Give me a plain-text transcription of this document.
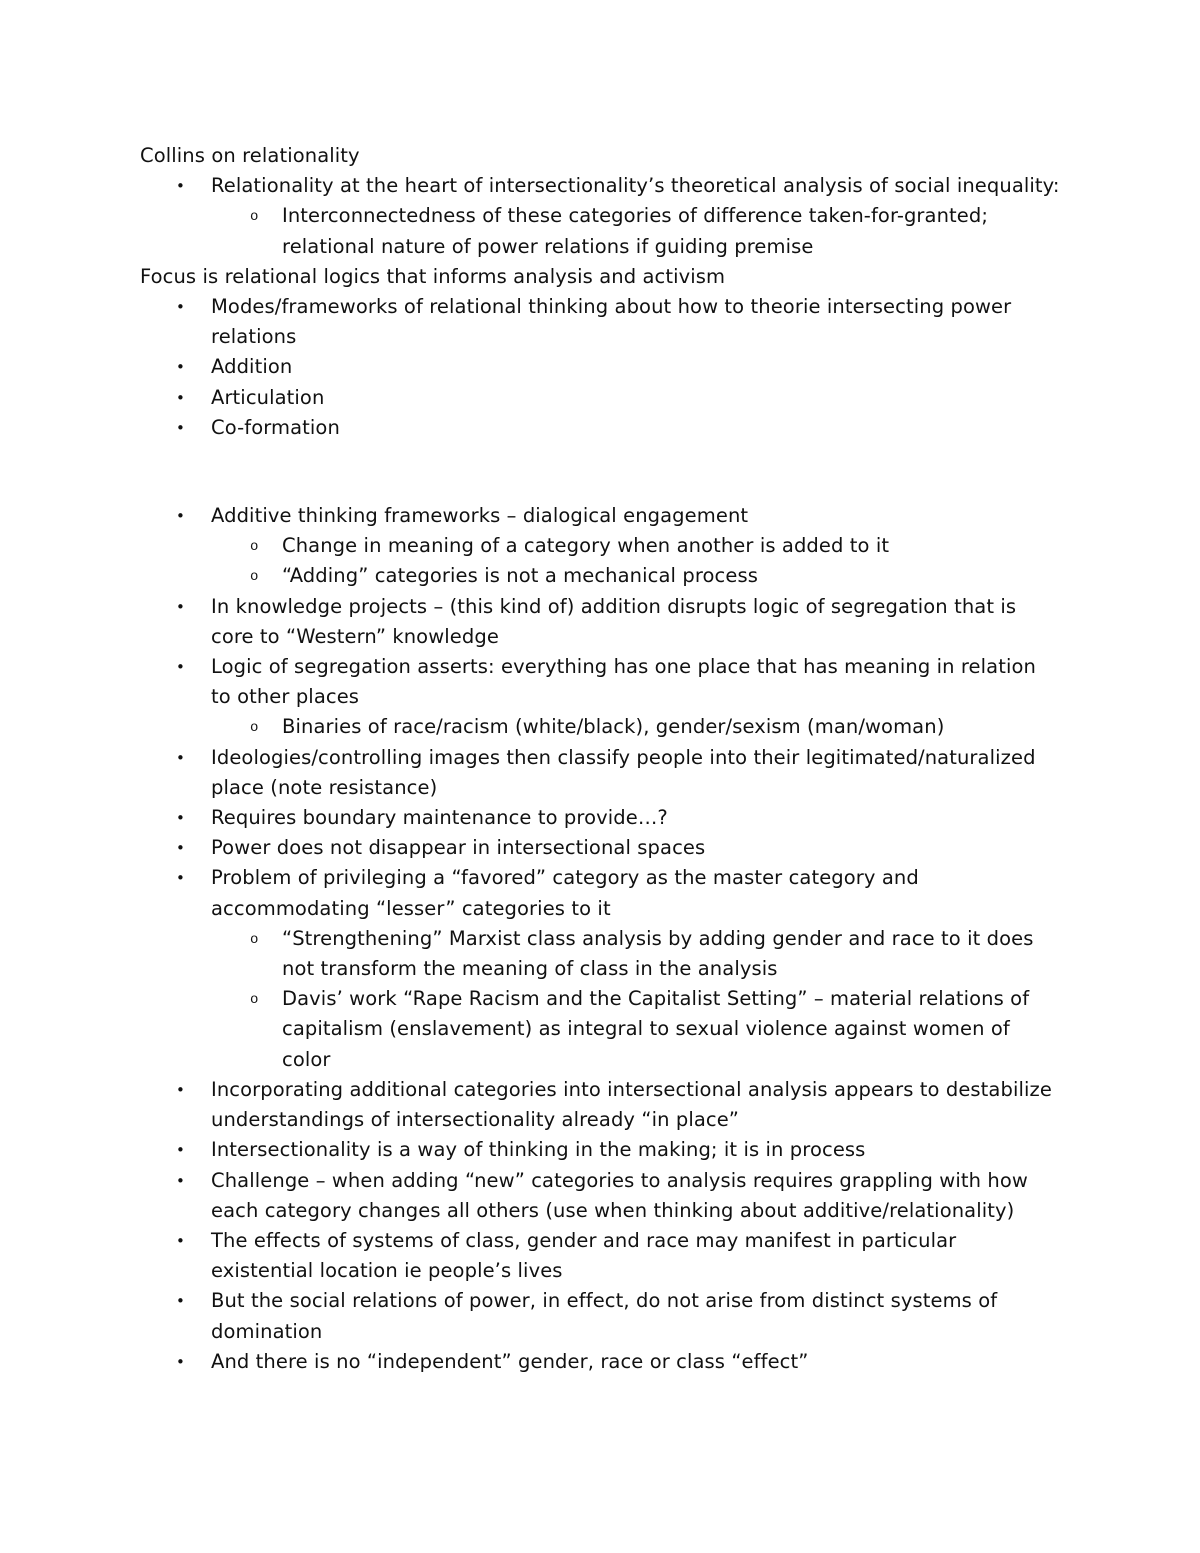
Collins on relationality

• Relationality at the heart of intersectionality’s theoretical analysis of social inequality:
o Interconnectedness of these categories of difference taken-for-granted; relational nature of power relations if guiding premise

Focus is relational logics that informs analysis and activism

• Modes/frameworks of relational thinking about how to theorie intersecting power relations
• Addition
• Articulation
• Co-formation
• Additive thinking frameworks – dialogical engagement
o Change in meaning of a category when another is added to it
o “Adding” categories is not a mechanical process
• In knowledge projects – (this kind of) addition disrupts logic of segregation that is core to “Western” knowledge
• Logic of segregation asserts: everything has one place that has meaning in relation to other places
o Binaries of race/racism (white/black), gender/sexism (man/woman)
• Ideologies/controlling images then classify people into their legitimated/naturalized place (note resistance)
• Requires boundary maintenance to provide…?
• Power does not disappear in intersectional spaces
• Problem of privileging a “favored” category as the master category and accommodating “lesser” categories to it
o “Strengthening” Marxist class analysis by adding gender and race to it does not transform the meaning of class in the analysis
o Davis’ work “Rape Racism and the Capitalist Setting” – material relations of capitalism (enslavement) as integral to sexual violence against women of color
• Incorporating additional categories into intersectional analysis appears to destabilize understandings of intersectionality already “in place”
• Intersectionality is a way of thinking in the making; it is in process
• Challenge – when adding “new” categories to analysis requires grappling with how each category changes all others (use when thinking about additive/relationality)
• The effects of systems of class, gender and race may manifest in particular existential location ie people’s lives
• But the social relations of power, in effect, do not arise from distinct systems of domination
• And there is no “independent” gender, race or class “effect”
